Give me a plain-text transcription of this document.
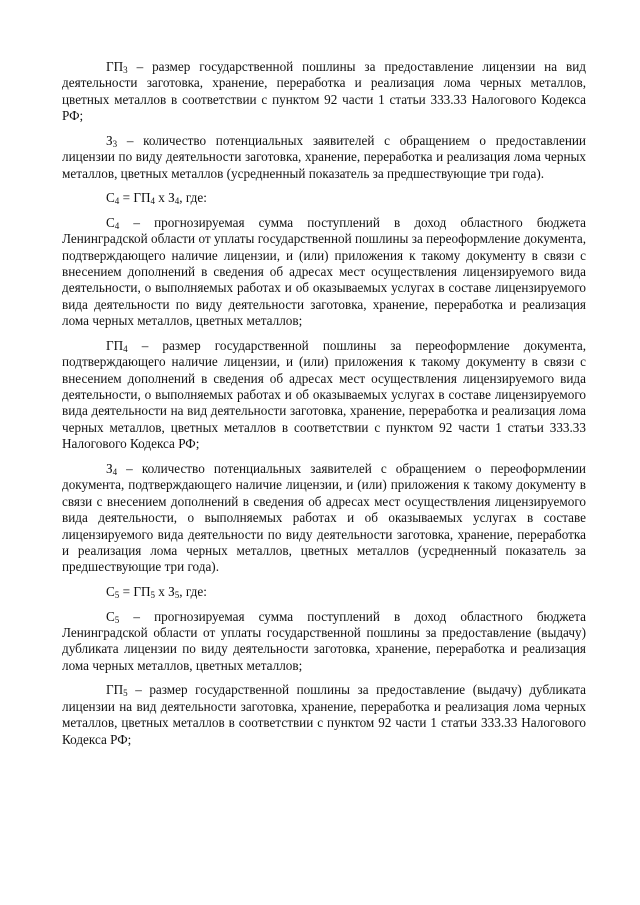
$ГП_3$ – размер государственной пошлины за предоставление лицензии на вид деятельности заготовка, хранение, переработка и реализация лома черных металлов, цветных металлов в соответствии с пунктом 92 части 1 статьи 333.33 Налогового Кодекса РФ;

$З_3$ – количество потенциальных заявителей с обращением о предоставлении лицензии по виду деятельности заготовка, хранение, переработка и реализация лома черных металлов, цветных металлов (усредненный показатель за предшествующие три года).

$С_4 = ГП_4$ х $З_4$, где:

$С_4$ – прогнозируемая сумма поступлений в доход областного бюджета Ленинградской области от уплаты государственной пошлины за переоформление документа, подтверждающего наличие лицензии, и (или) приложения к такому документу в связи с внесением дополнений в сведения об адресах мест осуществления лицензируемого вида деятельности, о выполняемых работах и об оказываемых услугах в составе лицензируемого вида деятельности по виду деятельности заготовка, хранение, переработка и реализация лома черных металлов, цветных металлов;

$ГП_4$ – размер государственной пошлины за переоформление документа, подтверждающего наличие лицензии, и (или) приложения к такому документу в связи с внесением дополнений в сведения об адресах мест осуществления лицензируемого вида деятельности, о выполняемых работах и об оказываемых услугах в составе лицензируемого вида деятельности на вид деятельности заготовка, хранение, переработка и реализация лома черных металлов, цветных металлов в соответствии с пунктом 92 части 1 статьи 333.33 Налогового Кодекса РФ;

$З_4$ – количество потенциальных заявителей с обращением о переоформлении документа, подтверждающего наличие лицензии, и (или) приложения к такому документу в связи с внесением дополнений в сведения об адресах мест осуществления лицензируемого вида деятельности, о выполняемых работах и об оказываемых услугах в составе лицензируемого вида деятельности по виду деятельности заготовка, хранение, переработка и реализация лома черных металлов, цветных металлов (усредненный показатель за предшествующие три года).

$С_5 = ГП_5$ х $З_5$, где:

$С_5$ – прогнозируемая сумма поступлений в доход областного бюджета Ленинградской области от уплаты государственной пошлины за предоставление (выдачу) дубликата лицензии по виду деятельности заготовка, хранение, переработка и реализация лома черных металлов, цветных металлов;

$ГП_5$ – размер государственной пошлины за предоставление (выдачу) дубликата лицензии на вид деятельности заготовка, хранение, переработка и реализация лома черных металлов, цветных металлов в соответствии с пунктом 92 части 1 статьи 333.33 Налогового Кодекса РФ;
